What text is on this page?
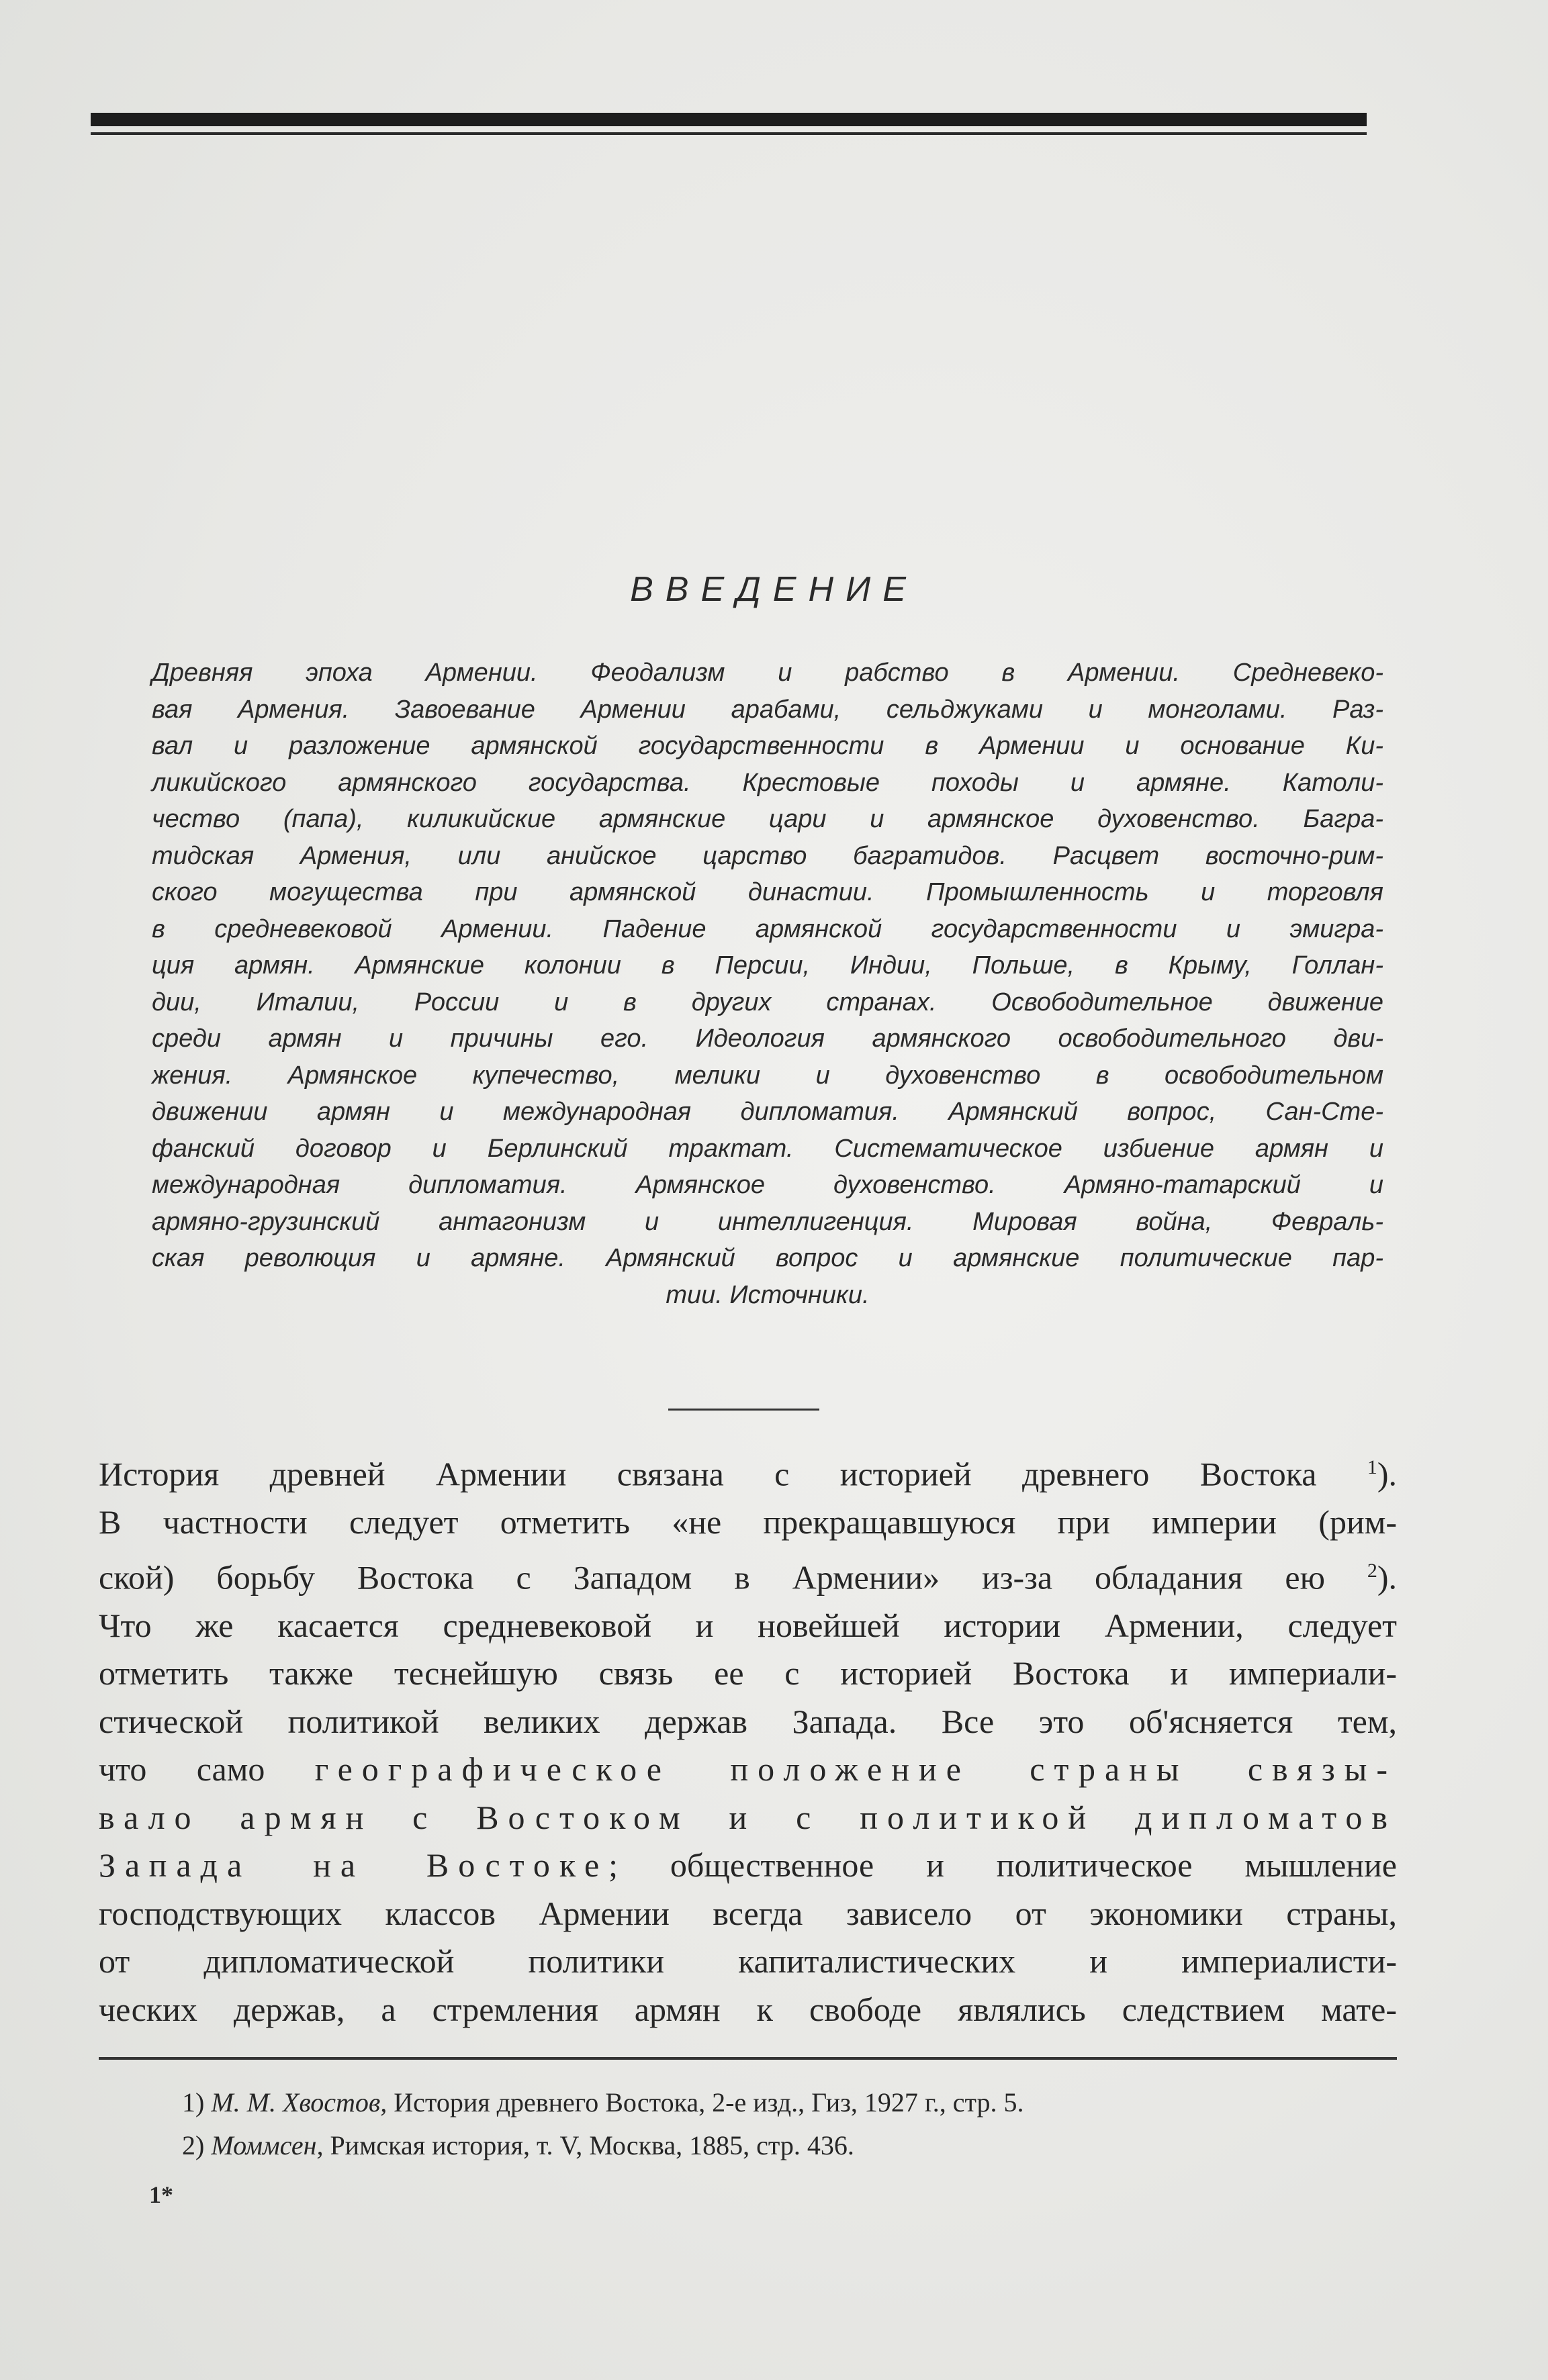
ВВЕДЕНИЕ
Древняя эпоха Армении. Феодализм и рабство в Армении. Средневеко-
вая Армения. Завоевание Армении арабами, сельджуками и монголами. Раз-
вал и разложение армянской государственности в Армении и основание Ки-
ликийского армянского государства. Крестовые походы и армяне. Католи-
чество (папа), киликийские армянские цари и армянское духовенство. Багра-
тидская Армения, или анийское царство багратидов. Расцвет восточно-рим-
ского могущества при армянской династии. Промышленность и торговля
в средневековой Армении. Падение армянской государственности и эмигра-
ция армян. Армянские колонии в Персии, Индии, Польше, в Крыму, Голлан-
дии, Италии, России и в других странах. Освободительное движение
среди армян и причины его. Идеология армянского освободительного дви-
жения. Армянское купечество, мелики и духовенство в освободительном
движении армян и международная дипломатия. Армянский вопрос, Сан-Сте-
фанский договор и Берлинский трактат. Систематическое избиение армян и
международная дипломатия. Армянское духовенство. Армяно-татарский и
армяно-грузинский антагонизм и интеллигенция. Мировая война, Февраль-
ская революция и армяне. Армянский вопрос и армянские политические пар-
тии. Источники.
История древней Армении связана с историей древнего Востока	$^1$).
В частности следует отметить «не прекращавшуюся при империи (рим-
ской) борьбу Востока с Западом в Армении» из-за обладания ею $^2$).
Что же касается средневековой и новейшей истории Армении, следует
отметить также теснейшую связь ее с историей Востока и империали-
стической политикой великих держав Запада. Все это об'ясняется тем,
что само географическое положение страны связы-
вало армян с Востоком и с политикой дипломатов
Запада на Востоке; общественное и политическое мышление
господствующих классов Армении всегда зависело от экономики страны,
от дипломатической политики капиталистических и империалисти-
ческих держав, а стремления армян к свободе являлись следствием мате-
1) М. М. Хвостов, История древнего Востока, 2-е изд., Гиз, 1927 г., стр. 5.
2) Моммсен, Римская история, т. V, Москва, 1885, стр. 436.
1*
